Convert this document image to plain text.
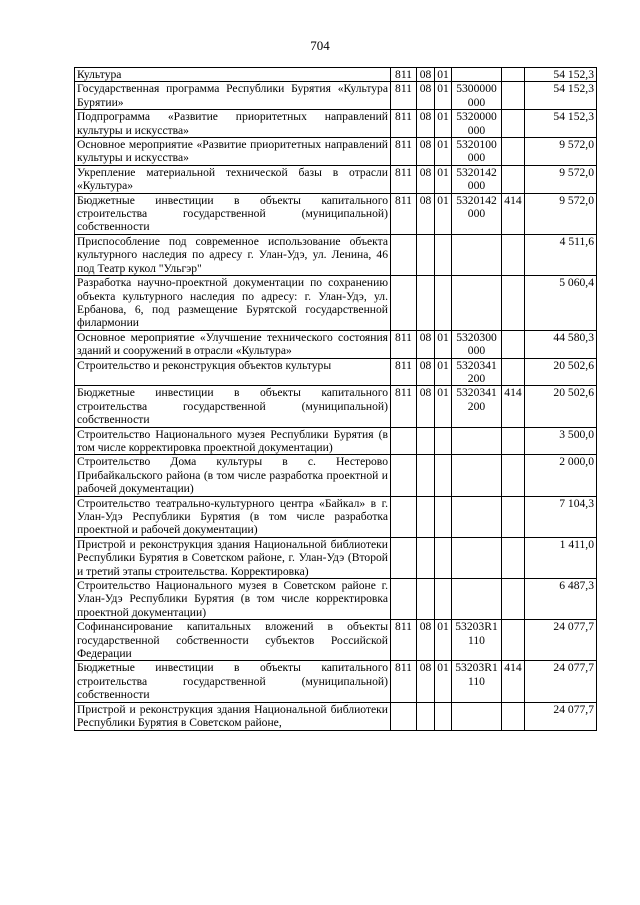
704
Культура	811	08	01			54 152,3
Государственная программа Республики Бурятия «Культура Бурятии»	811	08	01	5300000 000		54 152,3
Подпрограмма «Развитие приоритетных направлений культуры и искусства»	811	08	01	5320000 000		54 152,3
Основное мероприятие «Развитие приоритетных направлений культуры и искусства»	811	08	01	5320100 000		9 572,0
Укрепление материальной технической базы в отрасли «Культура»	811	08	01	5320142 000		9 572,0
Бюджетные инвестиции в объекты капитального строительства государственной (муниципальной) собственности	811	08	01	5320142 000	414	9 572,0
Приспособление под современное использование объекта культурного наследия по адресу г. Улан-Удэ, ул. Ленина, 46 под Театр кукол "Ульгэр"						4 511,6
Разработка научно-проектной документации по сохранению объекта культурного наследия по адресу: г. Улан-Удэ, ул. Ербанова, 6, под размещение Бурятской государственной филармонии						5 060,4
Основное мероприятие «Улучшение технического состояния зданий и сооружений в отрасли «Культура»	811	08	01	5320300 000		44 580,3
Строительство и реконструкция объектов культуры	811	08	01	5320341 200		20 502,6
Бюджетные инвестиции в объекты капитального строительства государственной (муниципальной) собственности	811	08	01	5320341 200	414	20 502,6
Строительство Национального музея Республики Бурятия (в том числе корректировка проектной документации)						3 500,0
Строительство Дома культуры в с. Нестерово Прибайкальского района (в том числе разработка проектной и рабочей документации)						2 000,0
Строительство театрально-культурного центра «Байкал» в г. Улан-Удэ Республики Бурятия (в том числе разработка проектной и рабочей документации)						7 104,3
Пристрой и реконструкция здания Национальной библиотеки Республики Бурятия в Советском районе, г. Улан-Удэ (Второй и третий этапы строительства. Корректировка)						1 411,0
Строительство Национального музея в Советском районе г. Улан-Удэ Республики Бурятия (в том числе корректировка проектной документации)						6 487,3
Софинансирование капитальных вложений в объекты государственной собственности субъектов Российской Федерации	811	08	01	53203R1 110		24 077,7
Бюджетные инвестиции в объекты капитального строительства государственной (муниципальной) собственности	811	08	01	53203R1 110	414	24 077,7
Пристрой и реконструкция здания Национальной библиотеки Республики Бурятия в Советском районе,						24 077,7
